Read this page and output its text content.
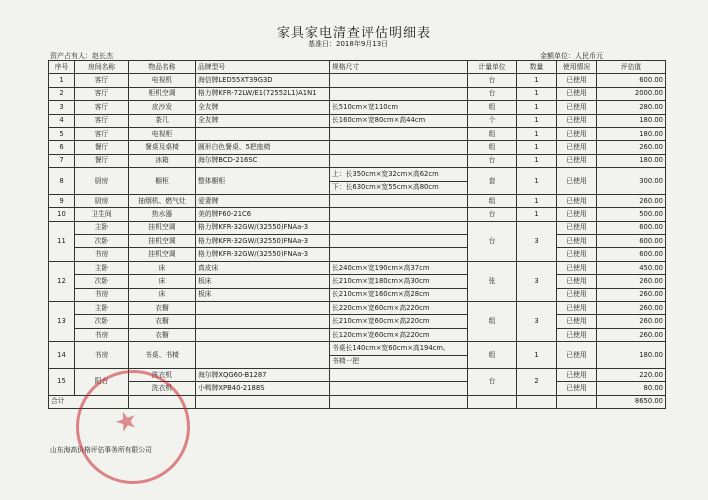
家具家电清查评估明细表
基准日：2018年9月13日
资产占有人：赵长杰	金额单位：人民币元
序号	房间名称	物品名称	品牌型号	规格尺寸	计量单位	数量	使用情况	评估值
1	客厅	电视机	海信牌LED55XT39G3D		台	1	已使用	600.00
2	客厅	柜机空调	格力牌KFR-72LW/E1(72552L1)A1N1		台	1	已使用	2000.00
3	客厅	皮沙发	全友牌	长510cm×宽110cm	组	1	已使用	280.00
4	客厅	茶几	全友牌	长160cm×宽80cm×高44cm	个	1	已使用	180.00
5	客厅	电视柜			组	1	已使用	180.00
6	餐厅	餐桌及桌椅	圆形白色餐桌、5把座椅		组	1	已使用	260.00
7	餐厅	冰箱	海尔牌BCD-216SC		台	1	已使用	180.00
8	厨房	橱柜	整体橱柜	上：长350cm×宽32cm×高62cm	套	1	已使用	300.00
				下：长630cm×宽55cm×高80cm				
9	厨房	抽烟机、燃气灶	爱妻牌		组	1	已使用	260.00
10	卫生间	热水器	美的牌F60-21C6		台	1	已使用	500.00
11	主卧	挂机空调	格力牌KFR-32GW/(32550)FNAa-3		台	3	已使用	600.00
	次卧	挂机空调	格力牌KFR-32GW/(32550)FNAa-3				已使用	600.00
	书房	挂机空调	格力牌KFR-32GW/(32550)FNAa-3				已使用	600.00
12	主卧	床	真皮床	长240cm×宽190cm×高37cm	张	3	已使用	450.00
	次卧	床	板床	长210cm×宽180cm×高30cm			已使用	260.00
	书房	床	板床	长210cm×宽160cm×高28cm			已使用	260.00
13	主卧	衣橱		长220cm×宽60cm×高220cm	组	3	已使用	260.00
	次卧	衣橱		长210cm×宽60cm×高220cm			已使用	260.00
	书房	衣橱		长120cm×宽60cm×高220cm			已使用	260.00
14	书房	书桌、书椅		书桌长140cm×宽60cm×高194cm、	组	1	已使用	180.00
				书椅一把				
15	阳台	洗衣机	海尔牌XQG60-B1287		台	2	已使用	220.00
		洗衣机	小鸭牌XPB40-2188S				已使用	80.00
合计								8650.00
山东海高价格评估事务所有限公司
★
